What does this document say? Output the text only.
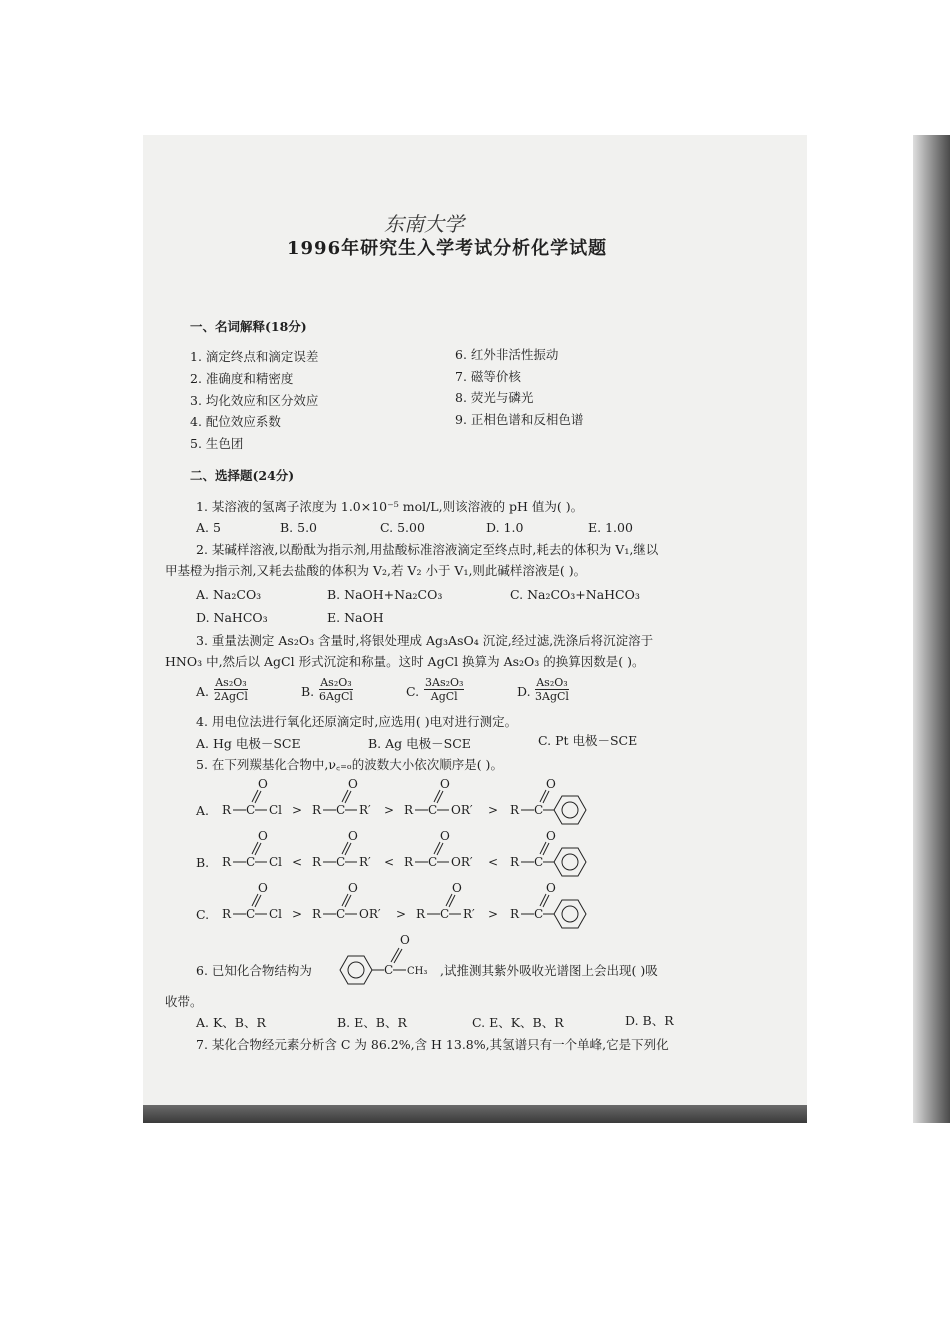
东南大学
1996年研究生入学考试分析化学试题
一、名词解释(18分)
1. 滴定终点和滴定误差
2. 准确度和精密度
3. 均化效应和区分效应
4. 配位效应系数
5. 生色团
6. 红外非活性振动
7. 磁等价核
8. 荧光与磷光
9. 正相色谱和反相色谱
二、选择题(24分)
1. 某溶液的氢离子浓度为 1.0×10⁻⁵ mol/L,则该溶液的 pH 值为( )。
A. 5	B. 5.0	C. 5.00	D. 1.0	E. 1.00
2. 某碱样溶液,以酚酞为指示剂,用盐酸标准溶液滴定至终点时,耗去的体积为 V₁,继以
甲基橙为指示剂,又耗去盐酸的体积为 V₂,若 V₂ 小于 V₁,则此碱样溶液是( )。
A. Na₂CO₃	B. NaOH+Na₂CO₃	C. Na₂CO₃+NaHCO₃
D. NaHCO₃	E. NaOH
3. 重量法测定 As₂O₃ 含量时,将银处理成 Ag₃AsO₄ 沉淀,经过滤,洗涤后将沉淀溶于
HNO₃ 中,然后以 AgCl 形式沉淀和称量。这时 AgCl 换算为 As₂O₃ 的换算因数是( )。
A.
As₂O₃
2AgCl	B.
As₂O₃
6AgCl	C.
3As₂O₃
AgCl	D.
As₂O₃
3AgCl
4. 用电位法进行氧化还原滴定时,应选用( )电对进行测定。
A. Hg 电极－SCE	B. Ag 电极－SCE	C. Pt 电极－SCE
5. 在下列羰基化合物中,ν꜀₌ₒ的波数大小依次顺序是( )。
A. R C
O
Cl > R C
O
R′ > R C
O
OR′ > R C
O
B. R C
O
Cl < R C
O
R′ < R C
O
OR′ < R C
O
C. R C
O
Cl > R C
O
OR′ > R C
O
R′ > R C
O
6. 已知化合物结构为	C
O
CH₃ ,试推测其紫外吸收光谱图上会出现( )吸
收带。
A. K、B、R	B. E、B、R	C. E、K、B、R	D. B、R
7. 某化合物经元素分析含 C 为 86.2%,含 H 13.8%,其氢谱只有一个单峰,它是下列化
